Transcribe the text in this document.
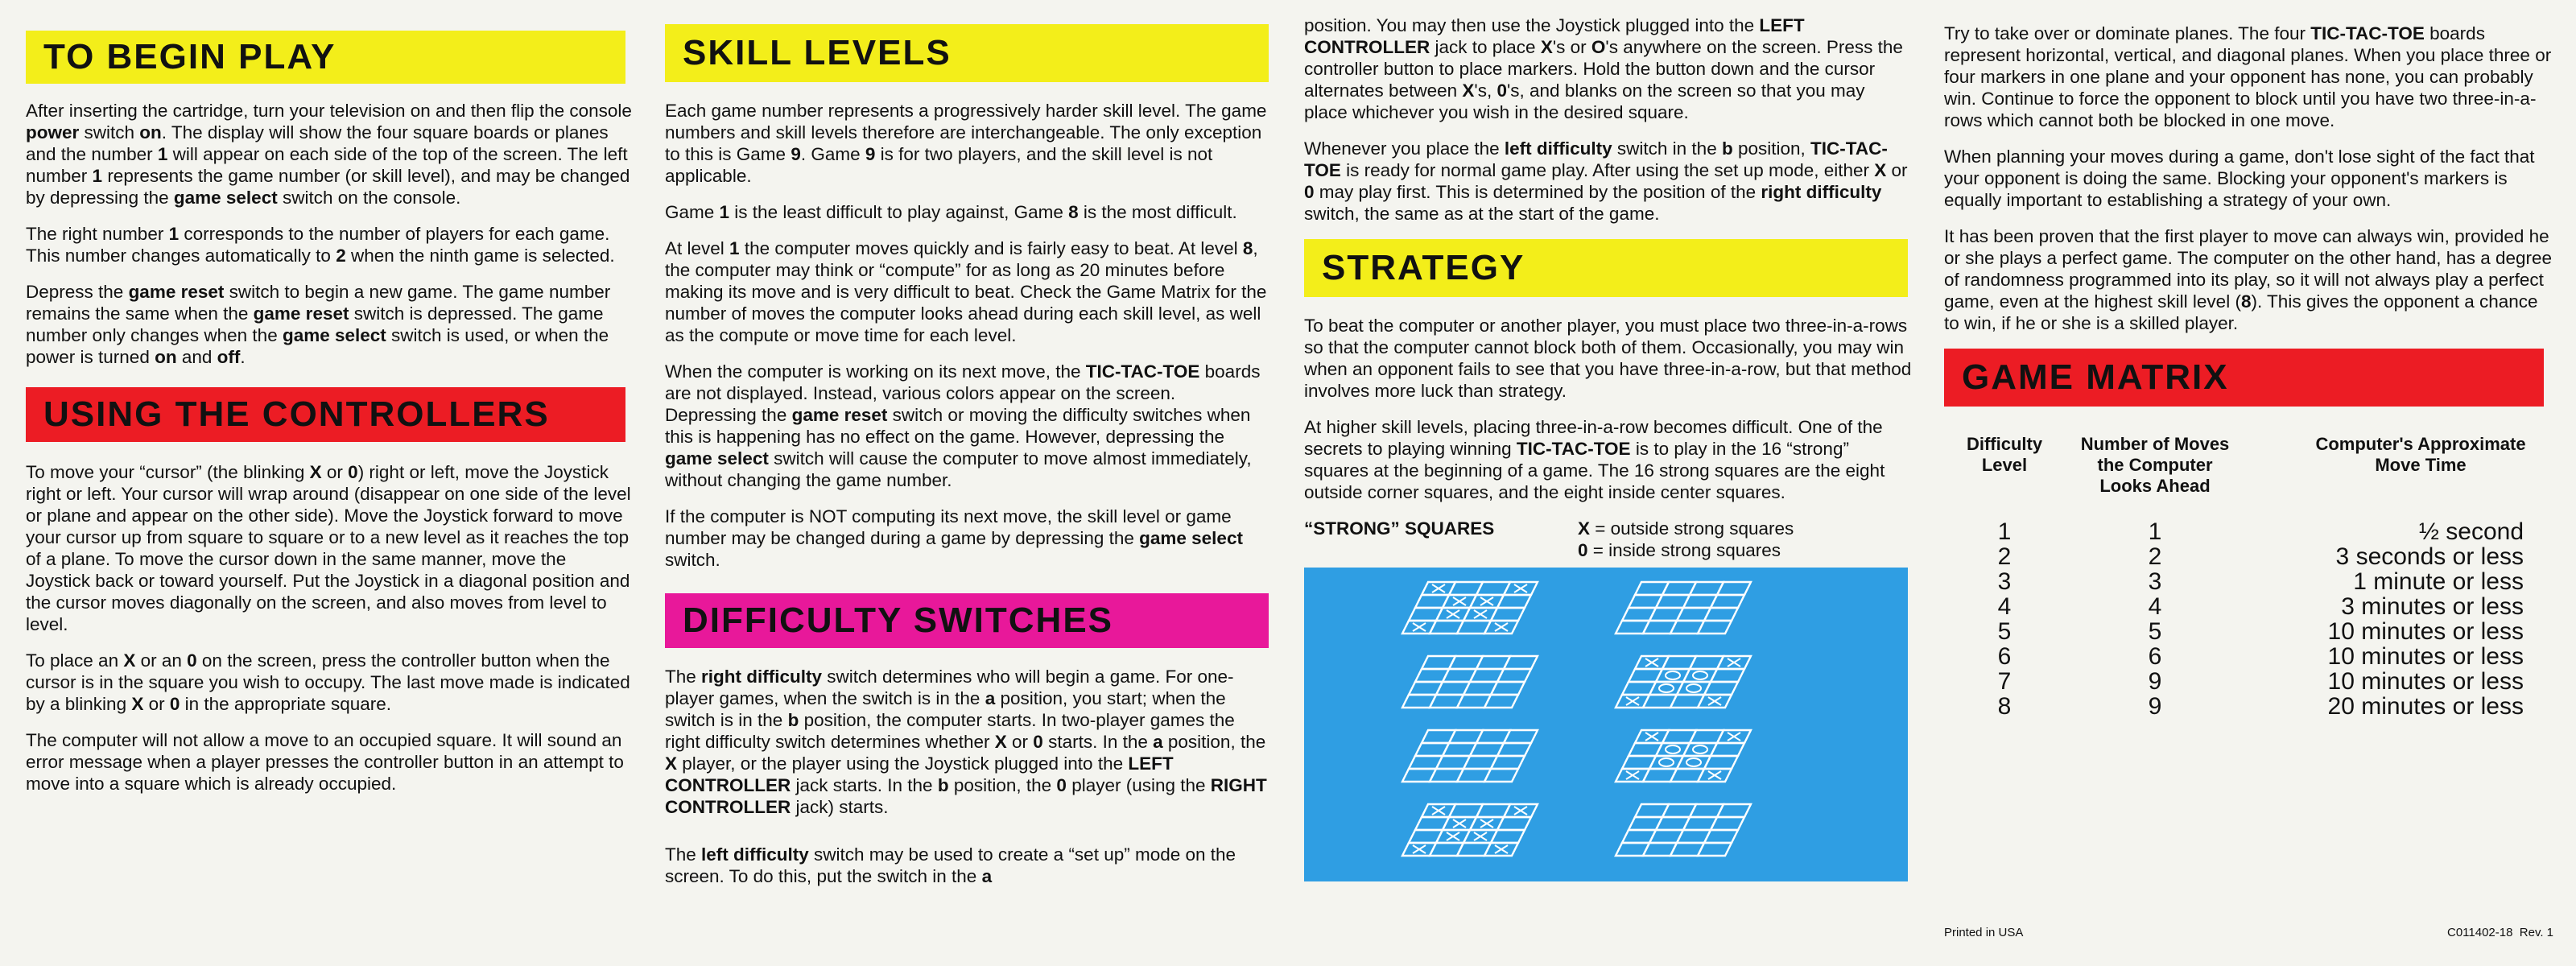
TO BEGIN PLAY

After inserting the cartridge, turn your television on and then flip the console power switch on. The display will show the four square boards or planes and the number 1 will appear on each side of the top of the screen. The left number 1 represents the game number (or skill level), and may be changed by depressing the game select switch on the console.

The right number 1 corresponds to the number of players for each game. This number changes automatically to 2 when the ninth game is selected.

Depress the game reset switch to begin a new game. The game number remains the same when the game reset switch is depressed. The game number only changes when the game select switch is used, or when the power is turned on and off.

USING THE CONTROLLERS

To move your “cursor” (the blinking X or 0) right or left, move the Joystick right or left. Your cursor will wrap around (disappear on one side of the level or plane and appear on the other side). Move the Joystick forward to move your cursor up from square to square or to a new level as it reaches the top of a plane. To move the cursor down in the same manner, move the Joystick back or toward yourself. Put the Joystick in a diagonal position and the cursor moves diagonally on the screen, and also moves from level to level.

To place an X or an 0 on the screen, press the controller button when the cursor is in the square you wish to occupy. The last move made is indicated by a blinking X or 0 in the appropriate square.

The computer will not allow a move to an occupied square. It will sound an error message when a player presses the controller button in an attempt to move into a square which is already occupied.

SKILL LEVELS

Each game number represents a progressively harder skill level. The game numbers and skill levels therefore are interchangeable. The only exception to this is Game 9. Game 9 is for two players, and the skill level is not applicable.

Game 1 is the least difficult to play against, Game 8 is the most difficult.

At level 1 the computer moves quickly and is fairly easy to beat. At level 8, the computer may think or “compute” for as long as 20 minutes before making its move and is very difficult to beat. Check the Game Matrix for the number of moves the computer looks ahead during each skill level, as well as the compute or move time for each level.

When the computer is working on its next move, the TIC-TAC-TOE boards are not displayed. Instead, various colors appear on the screen. Depressing the game reset switch or moving the difficulty switches when this is happening has no effect on the game. However, depressing the game select switch will cause the computer to move almost immediately, without changing the game number.

If the computer is NOT computing its next move, the skill level or game number may be changed during a game by depressing the game select switch.

DIFFICULTY SWITCHES

The right difficulty switch determines who will begin a game. For one-player games, when the switch is in the a position, you start; when the switch is in the b position, the computer starts. In two-player games the right difficulty switch determines whether X or 0 starts. In the a position, the X player, or the player using the Joystick plugged into the LEFT CONTROLLER jack starts. In the b position, the 0 player (using the RIGHT CONTROLLER jack) starts.

The left difficulty switch may be used to create a “set up” mode on the screen. To do this, put the switch in the a

position. You may then use the Joystick plugged into the LEFT CONTROLLER jack to place X's or O's anywhere on the screen. Press the controller button to place markers. Hold the button down and the cursor alternates between X's, 0's, and blanks on the screen so that you may place whichever you wish in the desired square.

Whenever you place the left difficulty switch in the b position, TIC-TAC-TOE is ready for normal game play. After using the set up mode, either X or 0 may play first. This is determined by the position of the right difficulty switch, the same as at the start of the game.

STRATEGY

To beat the computer or another player, you must place two three-in-a-rows so that the computer cannot block both of them. Occasionally, you may win when an opponent fails to see that you have three-in-a-row, but that method involves more luck than strategy.

At higher skill levels, placing three-in-a-row becomes difficult. One of the secrets to playing winning TIC-TAC-TOE is to play in the 16 “strong” squares at the beginning of a game. The 16 strong squares are the eight outside corner squares, and the eight inside center squares.

“STRONG” SQUARES	X = outside strong squares
0 = inside strong squares

Try to take over or dominate planes. The four TIC-TAC-TOE boards represent horizontal, vertical, and diagonal planes. When you place three or four markers in one plane and your opponent has none, you can probably win. Continue to force the opponent to block until you have two three-in-a-rows which cannot both be blocked in one move.

When planning your moves during a game, don't lose sight of the fact that your opponent is doing the same. Blocking your opponent's markers is equally important to establishing a strategy of your own.

It has been proven that the first player to move can always win, provided he or she plays a perfect game. The computer on the other hand, has a degree of randomness programmed into its play, so it will not always play a perfect game, even at the highest skill level (8). This gives the opponent a chance to win, if he or she is a skilled player.

GAME MATRIX
Difficulty Level	Number of Moves the Computer Looks Ahead	Computer's Approximate Move Time

1	1	½ second
2	2	3 seconds or less
3	3	1 minute or less
4	4	3 minutes or less
5	5	10 minutes or less
6	6	10 minutes or less
7	9	10 minutes or less
8	9	20 minutes or less
Printed in USA	C011402-18  Rev. 1
